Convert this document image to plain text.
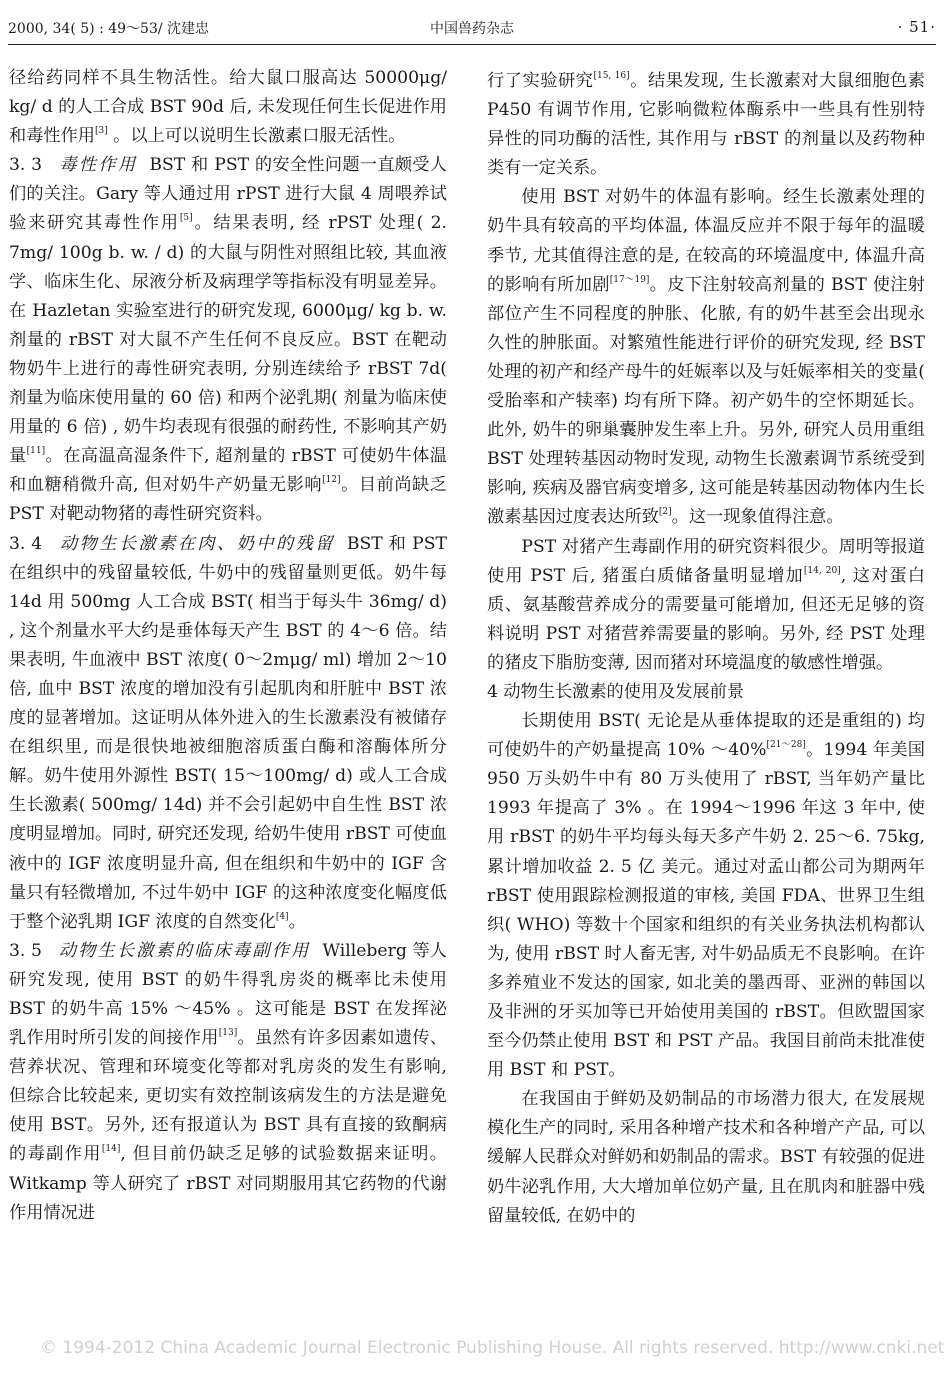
2000, 34( 5) : 49～53/ 沈建忠	中国兽药杂志	· 51·

径给药同样不具生物活性。给大鼠口服高达 50000μg/ kg/ d 的人工合成 BST 90d 后, 未发现任何生长促进作用和毒性作用[3] 。以上可以说明生长激素口服无活性。

3. 3 毒性作用 BST 和 PST 的安全性问题一直颇受人们的关注。Gary 等人通过用 rPST 进行大鼠 4 周喂养试验来研究其毒性作用[5]。结果表明, 经 rPST 处理( 2. 7mg/ 100g b. w. / d) 的大鼠与阴性对照组比较, 其血液学、临床生化、尿液分析及病理学等指标没有明显差异。在 Hazletan 实验室进行的研究发现, 6000μg/ kg b. w. 剂量的 rBST 对大鼠不产生任何不良反应。BST 在靶动物奶牛上进行的毒性研究表明, 分别连续给予 rBST 7d( 剂量为临床使用量的 60 倍) 和两个泌乳期( 剂量为临床使用量的 6 倍) , 奶牛均表现有很强的耐药性, 不影响其产奶量[11]。在高温高湿条件下, 超剂量的 rBST 可使奶牛体温和血糖稍微升高, 但对奶牛产奶量无影响[12]。目前尚缺乏 PST 对靶动物猪的毒性研究资料。

3. 4 动物生长激素在肉、奶中的残留 BST 和 PST 在组织中的残留量较低, 牛奶中的残留量则更低。奶牛每 14d 用 500mg 人工合成 BST( 相当于每头牛 36mg/ d) , 这个剂量水平大约是垂体每天产生 BST 的 4～6 倍。结果表明, 牛血液中 BST 浓度( 0～2mμg/ ml) 增加 2～10 倍, 血中 BST 浓度的增加没有引起肌肉和肝脏中 BST 浓度的显著增加。这证明从体外进入的生长激素没有被储存在组织里, 而是很快地被细胞溶质蛋白酶和溶酶体所分解。奶牛使用外源性 BST( 15～100mg/ d) 或人工合成生长激素( 500mg/ 14d) 并不会引起奶中自生性 BST 浓度明显增加。同时, 研究还发现, 给奶牛使用 rBST 可使血液中的 IGF 浓度明显升高, 但在组织和牛奶中的 IGF 含量只有轻微增加, 不过牛奶中 IGF 的这种浓度变化幅度低于整个泌乳期 IGF 浓度的自然变化[4]。

3. 5 动物生长激素的临床毒副作用 Willeberg 等人研究发现, 使用 BST 的奶牛得乳房炎的概率比未使用 BST 的奶牛高 15% ～45% 。这可能是 BST 在发挥泌乳作用时所引发的间接作用[13]。虽然有许多因素如遗传、营养状况、管理和环境变化等都对乳房炎的发生有影响, 但综合比较起来, 更切实有效控制该病发生的方法是避免使用 BST。另外, 还有报道认为 BST 具有直接的致酮病的毒副作用[14], 但目前仍缺乏足够的试验数据来证明。Witkamp 等人研究了 rBST 对同期服用其它药物的代谢作用情况进

行了实验研究[15, 16]。结果发现, 生长激素对大鼠细胞色素 P450 有调节作用, 它影响微粒体酶系中一些具有性别特异性的同功酶的活性, 其作用与 rBST 的剂量以及药物种类有一定关系。

使用 BST 对奶牛的体温有影响。经生长激素处理的奶牛具有较高的平均体温, 体温反应并不限于每年的温暖季节, 尤其值得注意的是, 在较高的环境温度中, 体温升高的影响有所加剧[17～19]。皮下注射较高剂量的 BST 使注射部位产生不同程度的肿胀、化脓, 有的奶牛甚至会出现永久性的肿胀面。对繁殖性能进行评价的研究发现, 经 BST 处理的初产和经产母牛的妊娠率以及与妊娠率相关的变量( 受胎率和产犊率) 均有所下降。初产奶牛的空怀期延长。此外, 奶牛的卵巢囊肿发生率上升。另外, 研究人员用重组 BST 处理转基因动物时发现, 动物生长激素调节系统受到影响, 疾病及器官病变增多, 这可能是转基因动物体内生长激素基因过度表达所致[2]。这一现象值得注意。

PST 对猪产生毒副作用的研究资料很少。周明等报道使用 PST 后, 猪蛋白质储备量明显增加[14, 20], 这对蛋白质、氨基酸营养成分的需要量可能增加, 但还无足够的资料说明 PST 对猪营养需要量的影响。另外, 经 PST 处理的猪皮下脂肪变薄, 因而猪对环境温度的敏感性增强。

4 动物生长激素的使用及发展前景

长期使用 BST( 无论是从垂体提取的还是重组的) 均可使奶牛的产奶量提高 10% ～40%[21～28]。1994 年美国 950 万头奶牛中有 80 万头使用了 rBST, 当年奶产量比 1993 年提高了 3% 。在 1994～1996 年这 3 年中, 使用 rBST 的奶牛平均每头每天多产牛奶 2. 25～6. 75kg, 累计增加收益 2. 5 亿 美元。通过对孟山都公司为期两年 rBST 使用跟踪检测报道的审核, 美国 FDA、世界卫生组织( WHO) 等数十个国家和组织的有关业务执法机构都认为, 使用 rBST 时人畜无害, 对牛奶品质无不良影响。在许多养殖业不发达的国家, 如北美的墨西哥、亚洲的韩国以及非洲的牙买加等已开始使用美国的 rBST。但欧盟国家至今仍禁止使用 BST 和 PST 产品。我国目前尚未批准使用 BST 和 PST。

在我国由于鲜奶及奶制品的市场潜力很大, 在发展规模化生产的同时, 采用各种增产技术和各种增产产品, 可以缓解人民群众对鲜奶和奶制品的需求。BST 有较强的促进奶牛泌乳作用, 大大增加单位奶产量, 且在肌肉和脏器中残留量较低, 在奶中的

© 1994-2012 China Academic Journal Electronic Publishing House. All rights reserved. http://www.cnki.net
